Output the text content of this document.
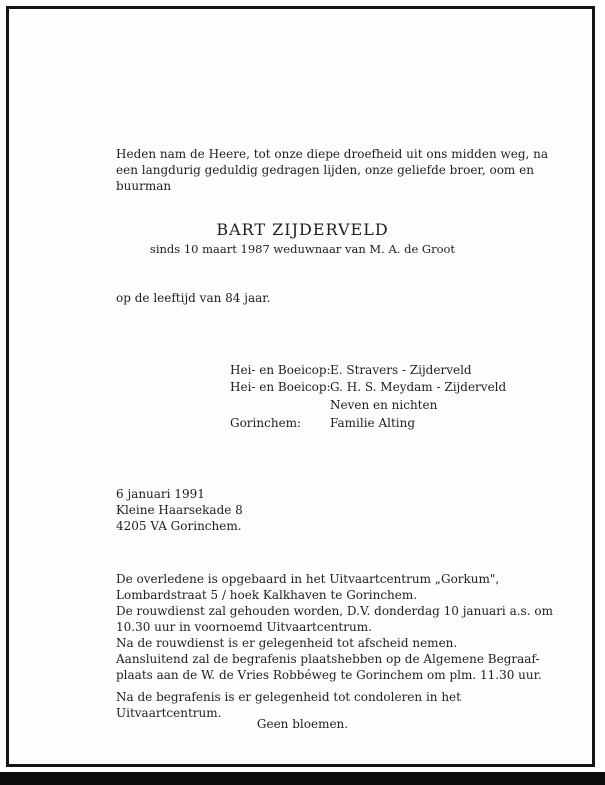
Heden nam de Heere, tot onze diepe droefheid uit ons midden weg, na
een langdurig geduldig gedragen lijden, onze geliefde broer, oom en
buurman
BART ZIJDERVELD
sinds 10 maart 1987 weduwnaar van M. A. de Groot
op de leeftijd van 84 jaar.
Hei- en Boeicop: E. Stravers - Zijderveld
Hei- en Boeicop: G. H. S. Meydam - Zijderveld
Neven en nichten
Gorinchem: Familie Alting
6 januari 1991
Kleine Haarsekade 8
4205 VA Gorinchem.
De overledene is opgebaard in het Uitvaartcentrum „Gorkum",
Lombardstraat 5 / hoek Kalkhaven te Gorinchem.
De rouwdienst zal gehouden worden, D.V. donderdag 10 januari a.s. om
10.30 uur in voornoemd Uitvaartcentrum.
Na de rouwdienst is er gelegenheid tot afscheid nemen.
Aansluitend zal de begrafenis plaatshebben op de Algemene Begraaf-
plaats aan de W. de Vries Robbéweg te Gorinchem om plm. 11.30 uur.
Na de begrafenis is er gelegenheid tot condoleren in het
Uitvaartcentrum.
Geen bloemen.
